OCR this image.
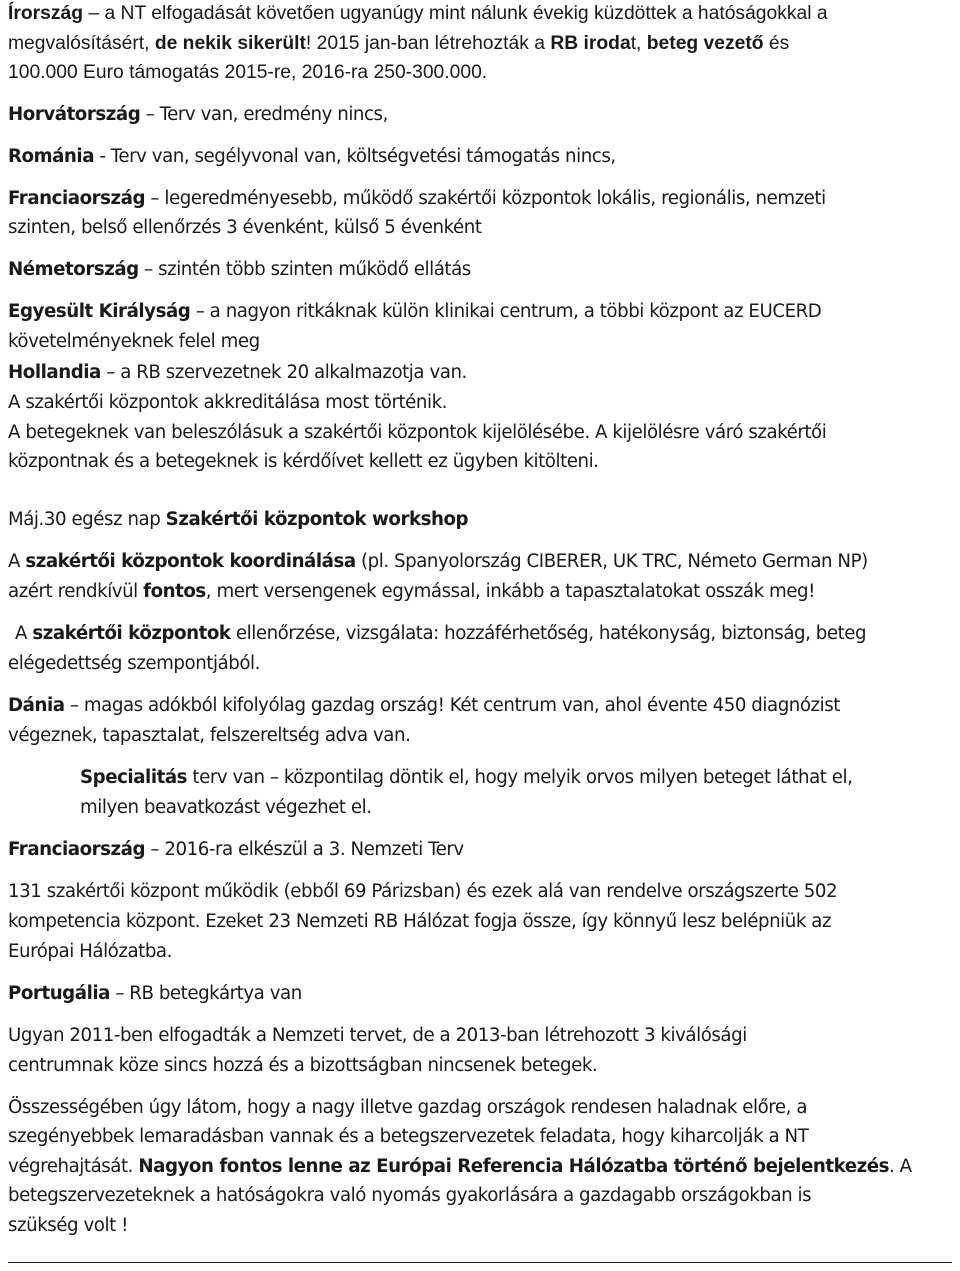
Írország – a NT elfogadását követően ugyanúgy mint nálunk évekig küzdöttek a hatóságokkal a

megvalósításért, de nekik sikerült! 2015 jan-ban létrehozták a RB irodat, beteg vezető és

100.000 Euro támogatás 2015-re, 2016-ra 250-300.000.

Horvátország – Terv van, eredmény nincs,

Románia - Terv van, segélyvonal van, költségvetési támogatás nincs,

Franciaország – legeredményesebb, működő szakértői központok lokális, regionális, nemzeti

szinten, belső ellenőrzés 3 évenként, külső 5 évenként

Németország – szintén több szinten működő ellátás

Egyesült Királyság – a nagyon ritkáknak külön klinikai centrum, a többi központ az EUCERD

követelményeknek felel meg

Hollandia – a RB szervezetnek 20 alkalmazotja van.

A szakértői központok akkreditálása most történik.

A betegeknek van beleszólásuk a szakértői központok kijelölésébe. A kijelölésre váró szakértői

központnak és a betegeknek is kérdőívet kellett ez ügyben kitölteni.

Máj.30 egész nap Szakértői központok workshop

A szakértői központok koordinálása (pl. Spanyolország CIBERER, UK TRC, Németo German NP)

azért rendkívül fontos, mert versengenek egymással, inkább a tapasztalatokat osszák meg!

A szakértői központok ellenőrzése, vizsgálata: hozzáférhetőség, hatékonyság, biztonság, beteg

elégedettség szempontjából.

Dánia – magas adókból kifolyólag gazdag ország! Két centrum van, ahol évente 450 diagnózist

végeznek, tapasztalat, felszereltség adva van.

Specialitás terv van – központilag döntik el, hogy melyik orvos milyen beteget láthat el,

milyen beavatkozást végezhet el.

Franciaország – 2016-ra elkészül a 3. Nemzeti Terv

131 szakértői központ működik (ebből 69 Párizsban) és ezek alá van rendelve országszerte 502

kompetencia központ. Ezeket 23 Nemzeti RB Hálózat fogja össze, így könnyű lesz belépniük az

Európai Hálózatba.

Portugália – RB betegkártya van

Ugyan 2011-ben elfogadták a Nemzeti tervet, de a 2013-ban létrehozott 3 kiválósági

centrumnak köze sincs hozzá és a bizottságban nincsenek betegek.

Összességében úgy látom, hogy a nagy illetve gazdag országok rendesen haladnak előre, a

szegényebbek lemaradásban vannak és a betegszervezetek feladata, hogy kiharcolják a NT

végrehajtását. Nagyon fontos lenne az Európai Referencia Hálózatba történő bejelentkezés. A

betegszervezeteknek a hatóságokra való nyomás gyakorlására a gazdagabb országokban is

szükség volt !
